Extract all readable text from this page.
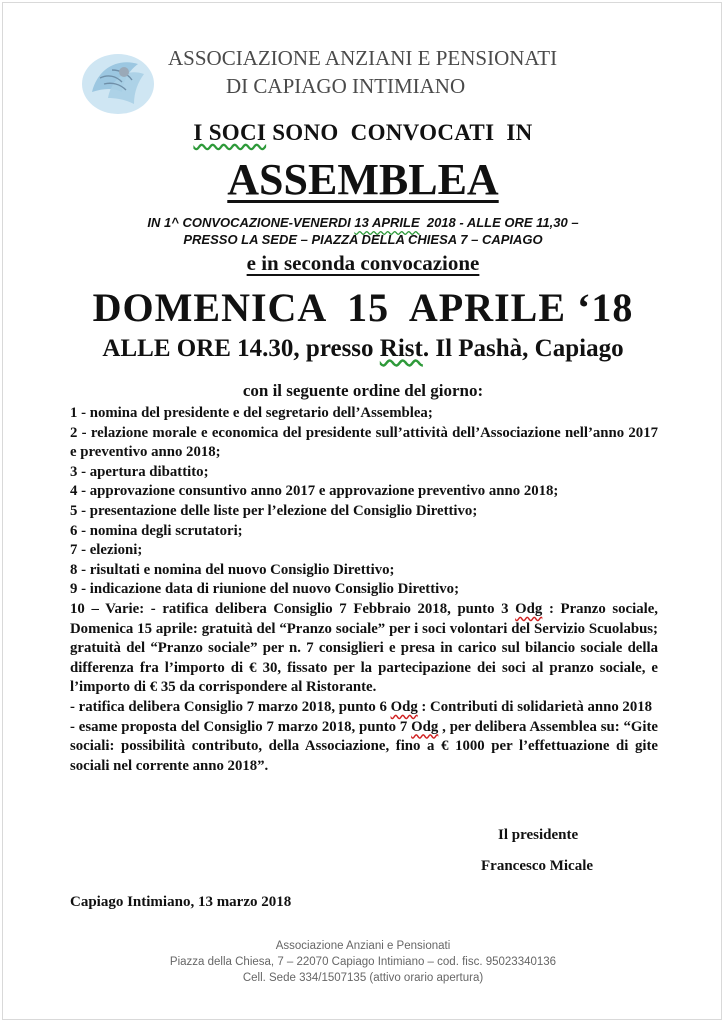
ASSOCIAZIONE ANZIANI E PENSIONATI
DI CAPIAGO INTIMIANO
I SOCI SONO  CONVOCATI  IN
ASSEMBLEA
IN 1^ CONVOCAZIONE-VENERDI 13 APRILE  2018 - ALLE ORE 11,30 –
PRESSO LA SEDE – PIAZZA DELLA CHIESA 7 – CAPIAGO
e in seconda convocazione
DOMENICA  15  APRILE ‘18
ALLE ORE 14.30, presso Rist. Il Pashà, Capiago
con il seguente ordine del giorno:

1 - nomina del presidente e del segretario dell’Assemblea;

2 - relazione morale e economica del presidente sull’attività dell’Associazione nell’anno 2017 e preventivo anno 2018;

3 - apertura dibattito;

4 - approvazione consuntivo anno 2017 e approvazione preventivo anno 2018;

5 - presentazione delle liste per l’elezione del Consiglio Direttivo;

6 - nomina degli scrutatori;

7 - elezioni;

8 - risultati e nomina del nuovo Consiglio Direttivo;

9 - indicazione data di riunione del nuovo Consiglio Direttivo;

10 – Varie: - ratifica delibera Consiglio 7 Febbraio 2018, punto 3 Odg : Pranzo sociale, Domenica 15 aprile: gratuità del “Pranzo sociale” per i soci volontari del Servizio Scuolabus; gratuità del “Pranzo sociale” per n. 7 consiglieri e presa in carico sul bilancio sociale della differenza fra l’importo di € 30, fissato per la partecipazione dei soci al pranzo sociale, e l’importo di € 35 da corrispondere al Ristorante.

- ratifica delibera Consiglio 7 marzo 2018, punto 6 Odg : Contributi di solidarietà anno 2018

- esame proposta del Consiglio 7 marzo 2018, punto 7 Odg , per delibera Assemblea su: “Gite sociali: possibilità contributo, della Associazione, fino a € 1000 per l’effettuazione di gite sociali nel corrente anno 2018”.

Il presidente
Francesco Micale
Capiago Intimiano, 13 marzo 2018
Associazione Anziani e Pensionati
Piazza della Chiesa, 7 – 22070 Capiago Intimiano – cod. fisc. 95023340136
Cell. Sede 334/1507135 (attivo orario apertura)
